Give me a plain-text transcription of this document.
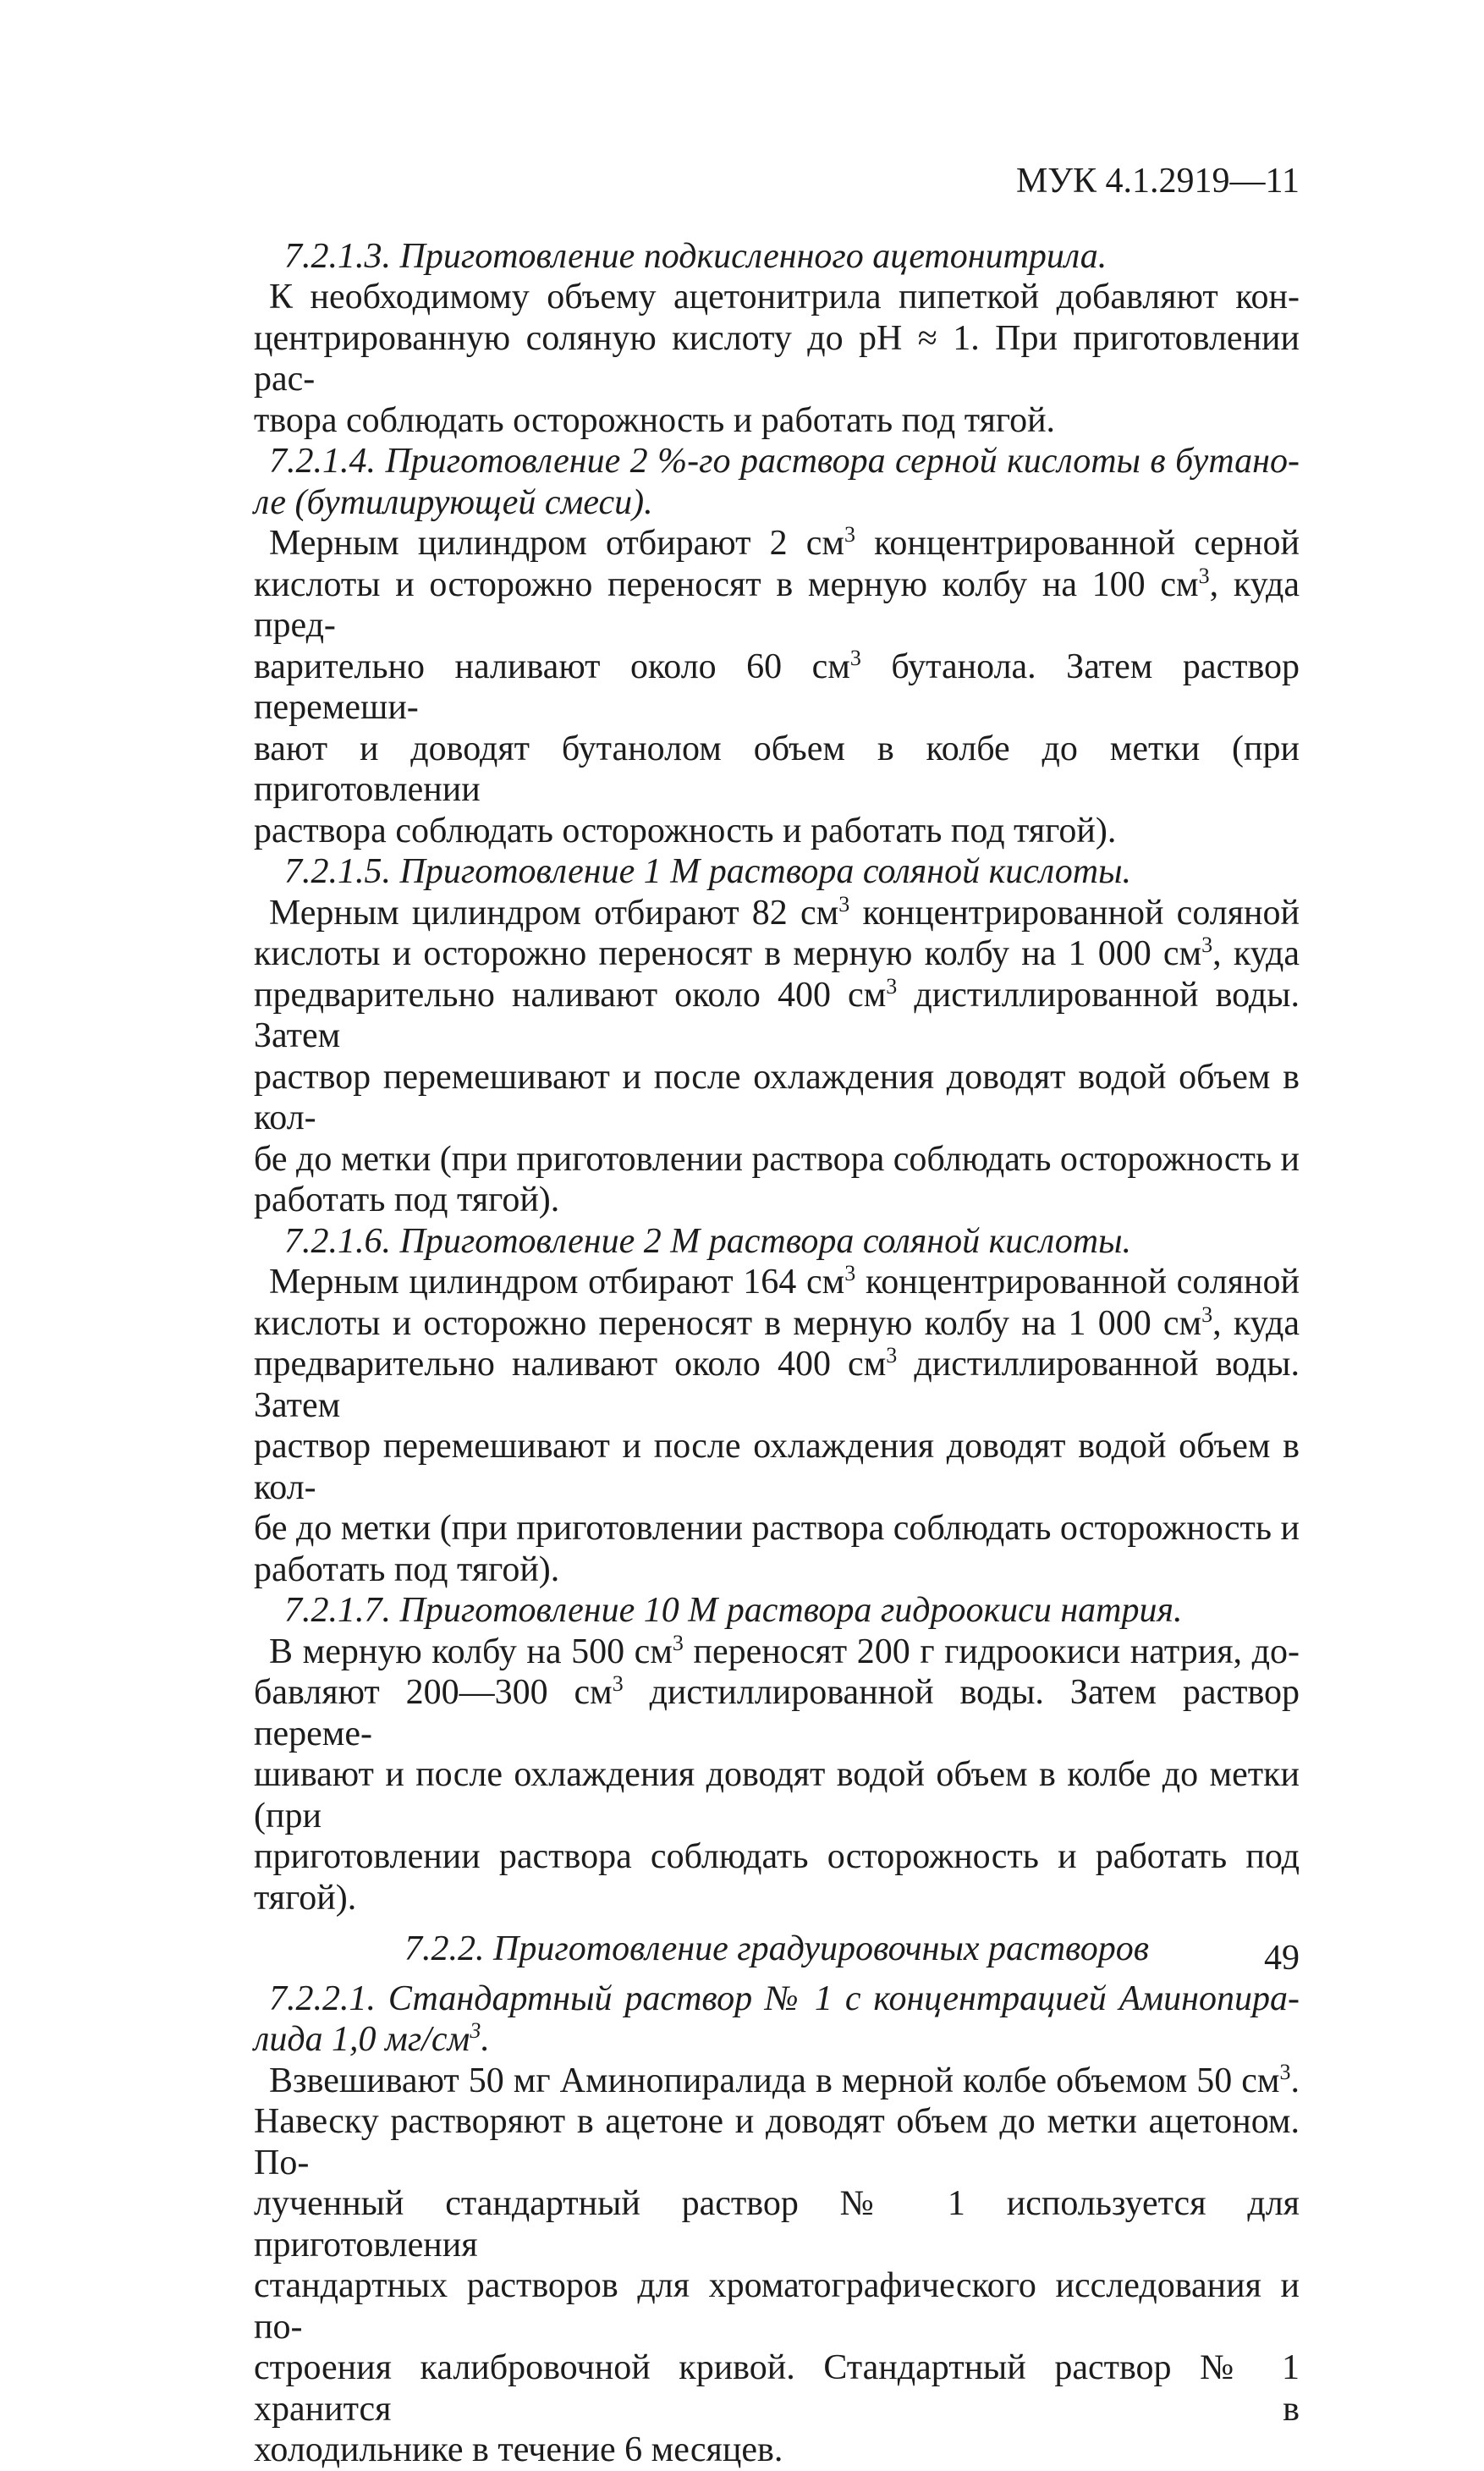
МУК 4.1.2919—11

7.2.1.3. Приготовление подкисленного ацетонитрила.

К необходимому объему ацетонитрила пипеткой добавляют кон-
центрированную соляную кислоту до pH ≈ 1. При приготовлении рас-
твора соблюдать осторожность и работать под тягой.

7.2.1.4. Приготовление 2 %-го раствора серной кислоты в бутано-
ле (бутилирующей смеси).

Мерным цилиндром отбирают 2 $см^3$ концентрированной серной
кислоты и осторожно переносят в мерную колбу на 100 $см^3$, куда пред-
варительно наливают около 60 $см^3$ бутанола. Затем раствор перемеши-
вают и доводят бутанолом объем в колбе до метки (при приготовлении
раствора соблюдать осторожность и работать под тягой).

7.2.1.5. Приготовление 1 М раствора соляной кислоты.

Мерным цилиндром отбирают 82 $см^3$ концентрированной соляной
кислоты и осторожно переносят в мерную колбу на 1 000 $см^3$, куда
предварительно наливают около 400 $см^3$ дистиллированной воды. Затем
раствор перемешивают и после охлаждения доводят водой объем в кол-
бе до метки (при приготовлении раствора соблюдать осторожность и
работать под тягой).

7.2.1.6. Приготовление 2 М раствора соляной кислоты.

Мерным цилиндром отбирают 164 $см^3$ концентрированной соляной
кислоты и осторожно переносят в мерную колбу на 1 000 $см^3$, куда
предварительно наливают около 400 $см^3$ дистиллированной воды. Затем
раствор перемешивают и после охлаждения доводят водой объем в кол-
бе до метки (при приготовлении раствора соблюдать осторожность и
работать под тягой).

7.2.1.7. Приготовление 10 М раствора гидроокиси натрия.

В мерную колбу на 500 $см^3$ переносят 200 г гидроокиси натрия, до-
бавляют 200—300 $см^3$ дистиллированной воды. Затем раствор переме-
шивают и после охлаждения доводят водой объем в колбе до метки (при
приготовлении раствора соблюдать осторожность и работать под тягой).

7.2.2. Приготовление градуировочных растворов

7.2.2.1. Стандартный раствор № 1 с концентрацией Аминопира-
лида 1,0 $мг/см^3$.

Взвешивают 50 мг Аминопиралида в мерной колбе объемом 50 $см^3$.
Навеску растворяют в ацетоне и доводят объем до метки ацетоном. По-
лученный стандартный раствор № 1 используется для приготовления
стандартных растворов для хроматографического исследования и по-
строения калибровочной кривой. Стандартный раствор № 1 хранится в
холодильнике в течение 6 месяцев.

49
